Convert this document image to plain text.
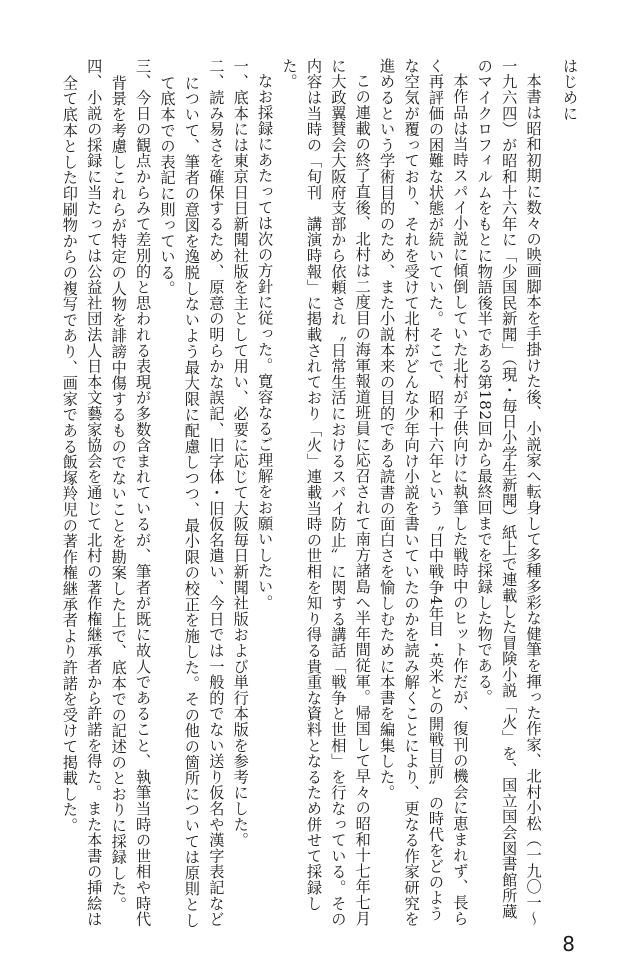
はじめに

本書は昭和初期に数々の映画脚本を手掛けた後、小説家へ転身して多種多彩な健筆を揮った作家、北村小松（一九〇一〜一九六四）が昭和十六年に「少国民新聞」（現・毎日小学生新聞）紙上で連載した冒険小説「火」を、国立国会図書館所蔵のマイクロフィルムをもとに物語後半である第182回から最終回までを採録した物である。

本作品は当時スパイ小説に傾倒していた北村が子供向けに執筆した戦時中のヒット作だが、復刊の機会に恵まれず、長らく再評価の困難な状態が続いていた。そこで、昭和十六年という〝日中戦争4年目・英米との開戦目前〟の時代をどのような空気が覆っており、それを受けて北村がどんな少年向け小説を書いていたのかを読み解くことにより、更なる作家研究を進めるという学術目的のため、また小説本来の目的である読書の面白さを愉しむために本書を編集した。

この連載の終了直後、北村は二度目の海軍報道班員に応召されて南方諸島へ半年間従軍。帰国して早々の昭和十七年七月に大政翼賛会大阪府支部から依頼され〝日常生活におけるスパイ防止〟に関する講話「戦争と世相」を行なっている。その内容は当時の「旬刊　講演時報」に掲載されており「火」連載当時の世相を知り得る貴重な資料となるため併せて採録した。

なお採録にあたっては次の方針に従った。寛容なるご理解をお願いしたい。

一、底本には東京日日新聞社版を主として用い、必要に応じて大阪毎日新聞社版および単行本版を参考にした。

二、読み易さを確保するため、原意の明らかな誤記、旧字体・旧仮名遣い、今日では一般的でない送り仮名や漢字表記などについて、筆者の意図を逸脱しないよう最大限に配慮しつつ、最小限の校正を施した。その他の箇所については原則として底本での表記に則っている。

三、今日の観点からみて差別的と思われる表現が多数含まれているが、筆者が既に故人であること、執筆当時の世相や時代背景を考慮しこれらが特定の人物を誹謗中傷するものでないことを勘案した上で、底本での記述のとおりに採録した。

四、小説の採録に当たっては公益社団法人日本文藝家協会を通じて北村の著作権継承者から許諾を得た。また本書の挿絵は全て底本とした印刷物からの複写であり、画家である飯塚羚児の著作権継承者より許諾を受けて掲載した。

8
